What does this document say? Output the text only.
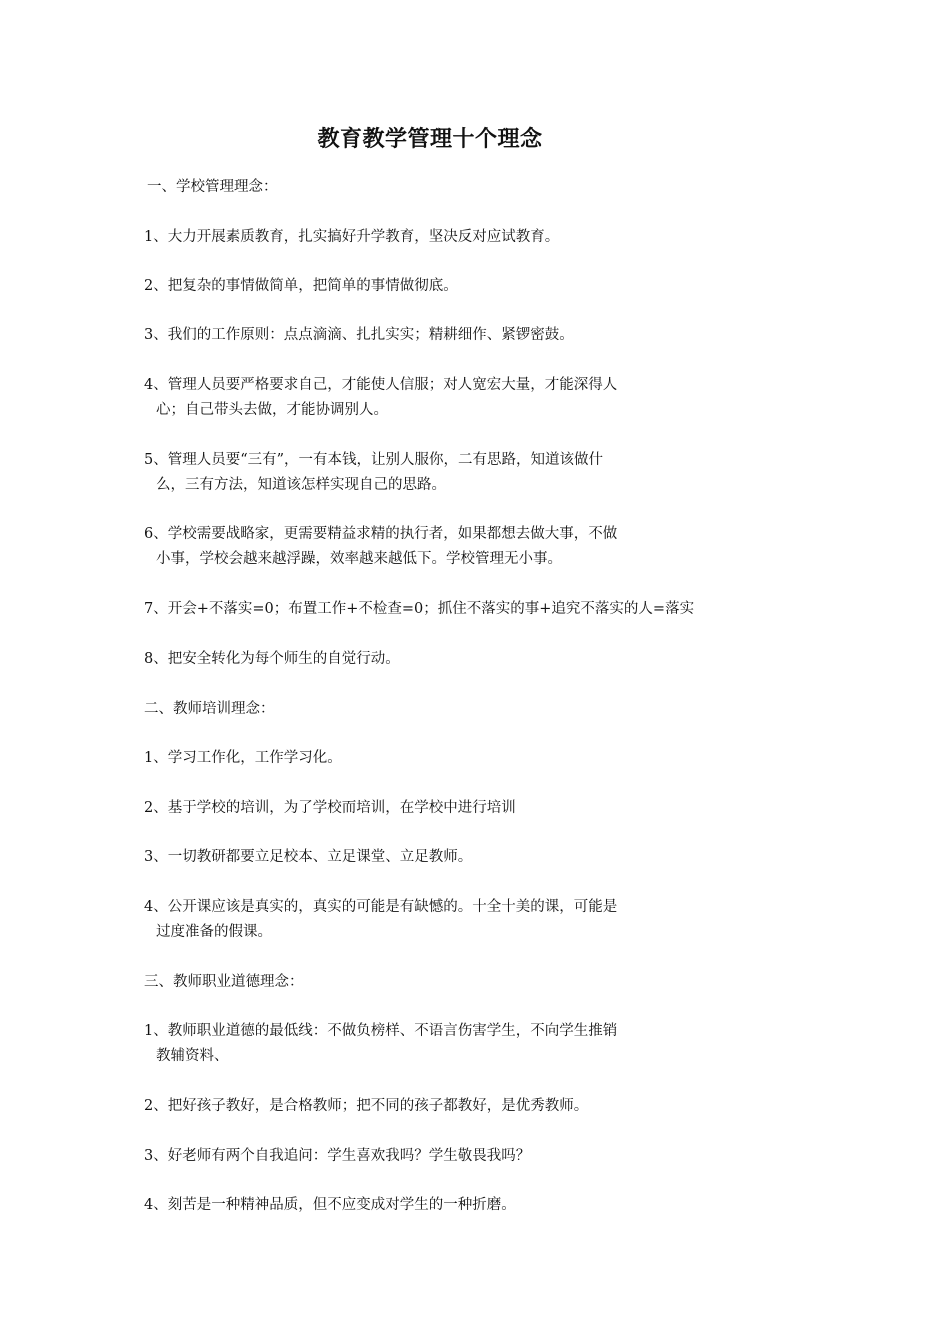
教育教学管理十个理念
一、学校管理理念：
1、大力开展素质教育，扎实搞好升学教育，坚决反对应试教育。
2、把复杂的事情做简单，把简单的事情做彻底。
3、我们的工作原则：点点滴滴、扎扎实实；精耕细作、紧锣密鼓。
4、管理人员要严格要求自己，才能使人信服；对人宽宏大量，才能深得人
心；自己带头去做，才能协调别人。
5、管理人员要“三有”，一有本钱，让别人服你，二有思路，知道该做什
么，三有方法，知道该怎样实现自己的思路。
6、学校需要战略家，更需要精益求精的执行者，如果都想去做大事，不做
小事，学校会越来越浮躁，效率越来越低下。学校管理无小事。
7、开会+不落实=0；布置工作+不检查=0；抓住不落实的事+追究不落实的人=落实
8、把安全转化为每个师生的自觉行动。
二、教师培训理念：
1、学习工作化，工作学习化。
2、基于学校的培训，为了学校而培训，在学校中进行培训
3、一切教研都要立足校本、立足课堂、立足教师。
4、公开课应该是真实的，真实的可能是有缺憾的。十全十美的课，可能是
过度准备的假课。
三、教师职业道德理念：
1、教师职业道德的最低线：不做负榜样、不语言伤害学生，不向学生推销
教辅资料、
2、把好孩子教好，是合格教师；把不同的孩子都教好，是优秀教师。
3、好老师有两个自我追问：学生喜欢我吗？学生敬畏我吗？
4、刻苦是一种精神品质，但不应变成对学生的一种折磨。
